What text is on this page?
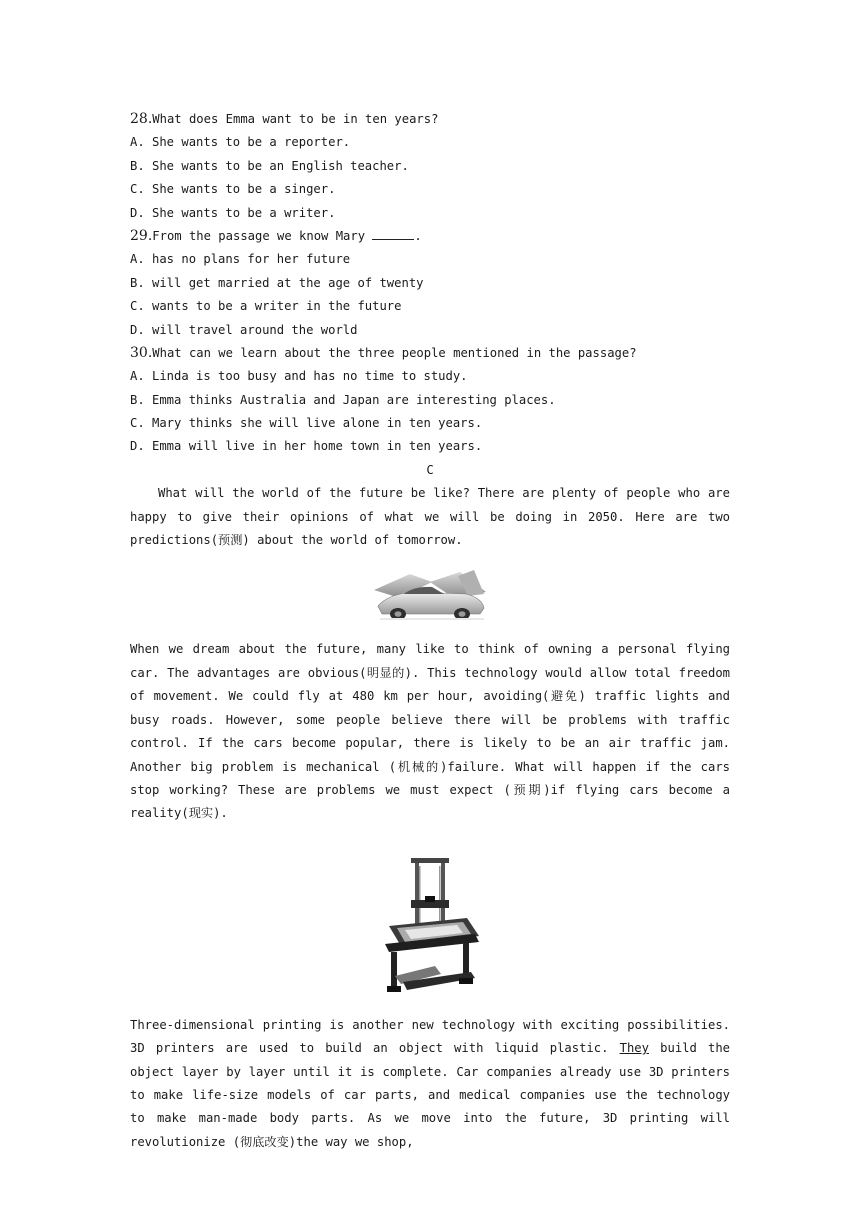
28.What does Emma want to be in ten years?
A. She wants to be a reporter.
B. She wants to be an English teacher.
C. She wants to be a singer.
D. She wants to be a writer.
29.From the passage we know Mary	.
A. has no plans for her future
B. will get married at the age of twenty
C. wants to be a writer in the future
D. will travel around the world
30.What can we learn about the three people mentioned in the passage?
A. Linda is too busy and has no time to study.
B. Emma thinks Australia and Japan are interesting places.
C. Mary thinks she will live alone in ten years.
D. Emma will live in her home town in ten years.
C
What will the world of the future be like? There are plenty of people who are happy to give their opinions of what we will be doing in 2050. Here are two predictions(预测) about the world of tomorrow.
When we dream about the future, many like to think of owning a personal flying car. The advantages are obvious(明显的). This technology would allow total freedom of movement. We could fly at 480 km per hour, avoiding(避免) traffic lights and busy roads. However, some people believe there will be problems with traffic control. If the cars become popular, there is likely to be an air traffic jam. Another big problem is mechanical (机械的)failure. What will happen if the cars stop working? These are problems we must expect (预期)if flying cars become a reality(现实).
Three-dimensional printing is another new technology with exciting possibilities. 3D printers are used to build an object with liquid plastic. They build the object layer by layer until it is complete. Car companies already use 3D printers to make life-size models of car parts, and medical companies use the technology to make man-made body parts. As we move into the future, 3D printing will revolutionize (彻底改变)the way we shop,
